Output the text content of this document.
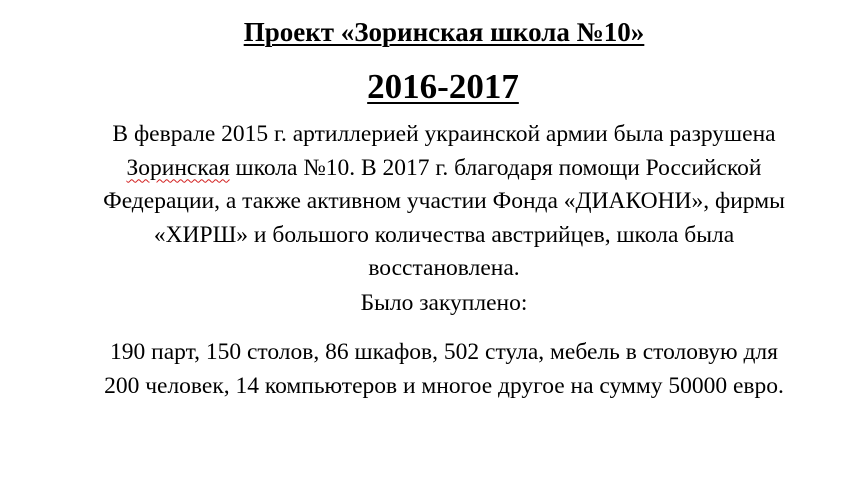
Проект «Зоринская школа №10»
2016-2017
В феврале 2015 г. артиллерией украинской армии была разрушена
Зоринская школа №10. В 2017 г. благодаря помощи Российской
Федерации, а также активном участии Фонда «ДИАКОНИ», фирмы
«ХИРШ» и большого количества австрийцев, школа была
восстановлена.
Было закуплено:
190 парт, 150 столов, 86 шкафов, 502 стула, мебель в столовую для
200 человек, 14 компьютеров и многое другое на сумму 50000 евро.
